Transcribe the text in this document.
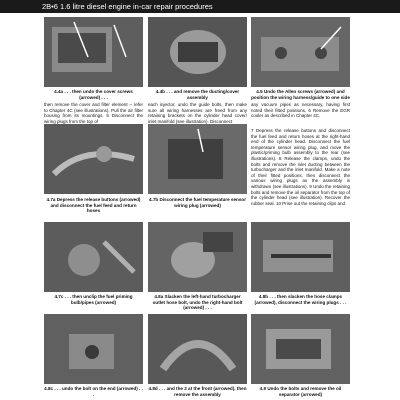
2B•6 1.6 litre diesel engine in-car repair procedures
4.4a . . . then undo the cover screws (arrowed) . . .
4.4b . . . and remove the ducting/cover assembly
4.5 Undo the Allen screws (arrowed) and position the wiring harness/guide to one side

then remove the cover and filter element – refer to Chapter 4C (see illustrations). Pull the air filter housing from its mountings. 5 Disconnect the wiring plugs from the top of

each injector, undo the guide bolts, then make sure all wiring harnesses are freed from any retaining brackets on the cylinder head cover/ inlet manifold (see illustration). Disconnect

any vacuum pipes as necessary, having first noted their fitted positions. 6 Remove the EGR cooler as described in Chapter 4C.

7 Depress the release buttons and disconnect the fuel feed and return hoses at the right-hand end of the cylinder head. Disconnect the fuel temperature sensor wiring plug, and move the plastic/priming bulb assembly to the rear (see illustrations). 8 Release the clamps, undo the bolts and remove the inlet ducting between the turbocharger and the inlet manifold. Make a note of their fitted positions, then disconnect the various wiring plugs as the assembly is withdrawn (see illustrations). 9 Undo the retaining bolts and remove the oil separator from the top of the cylinder head (see illustration). Recover the rubber seal. 10 Prise out the retaining clips and

4.7a Depress the release buttons (arrowed) and disconnect the fuel feed and return hoses
4.7b Disconnect the fuel temperature sensor wiring plug (arrowed)
4.7c . . . then unclip the fuel priming bulb/pipes (arrowed)
4.8a Slacken the left-hand turbocharger outlet hose bolt, undo the right-hand bolt (arrowed) . . .
4.8b . . . then slacken the hose clamps (arrowed), disconnect the wiring plugs . . .
4.8c . . . undo the bolt on the end (arrowed) . . .
4.8d . . . and the 2 at the front (arrowed), then remove the assembly
4.9 Undo the bolts and remove the oil separator (arrowed)
